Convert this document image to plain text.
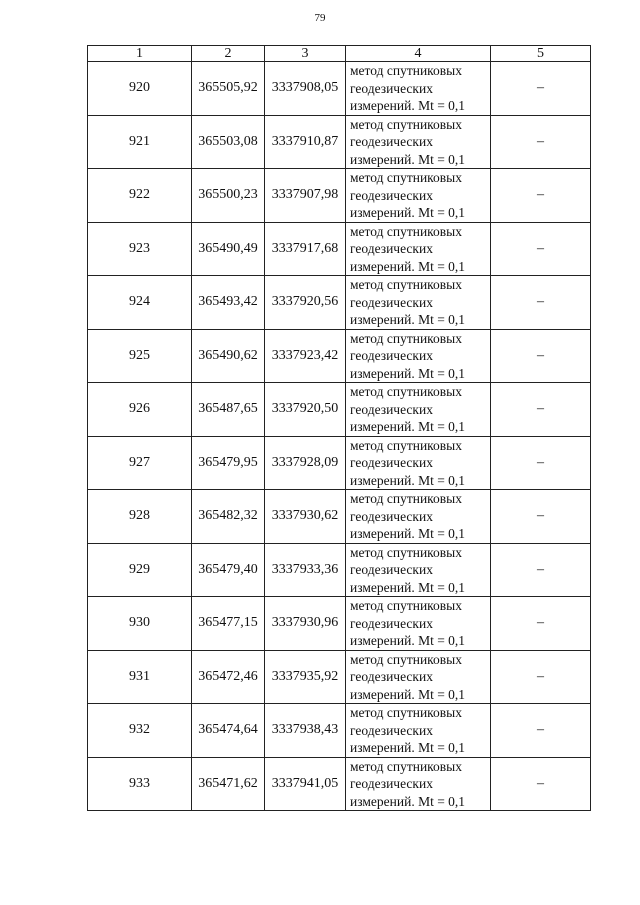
79
1	2	3	4	5
920	365505,92	3337908,05	метод спутниковых
геодезических
измерений. Mt = 0,1	–
921	365503,08	3337910,87	метод спутниковых
геодезических
измерений. Mt = 0,1	–
922	365500,23	3337907,98	метод спутниковых
геодезических
измерений. Mt = 0,1	–
923	365490,49	3337917,68	метод спутниковых
геодезических
измерений. Mt = 0,1	–
924	365493,42	3337920,56	метод спутниковых
геодезических
измерений. Mt = 0,1	–
925	365490,62	3337923,42	метод спутниковых
геодезических
измерений. Mt = 0,1	–
926	365487,65	3337920,50	метод спутниковых
геодезических
измерений. Mt = 0,1	–
927	365479,95	3337928,09	метод спутниковых
геодезических
измерений. Mt = 0,1	–
928	365482,32	3337930,62	метод спутниковых
геодезических
измерений. Mt = 0,1	–
929	365479,40	3337933,36	метод спутниковых
геодезических
измерений. Mt = 0,1	–
930	365477,15	3337930,96	метод спутниковых
геодезических
измерений. Mt = 0,1	–
931	365472,46	3337935,92	метод спутниковых
геодезических
измерений. Mt = 0,1	–
932	365474,64	3337938,43	метод спутниковых
геодезических
измерений. Mt = 0,1	–
933	365471,62	3337941,05	метод спутниковых
геодезических
измерений. Mt = 0,1	–
